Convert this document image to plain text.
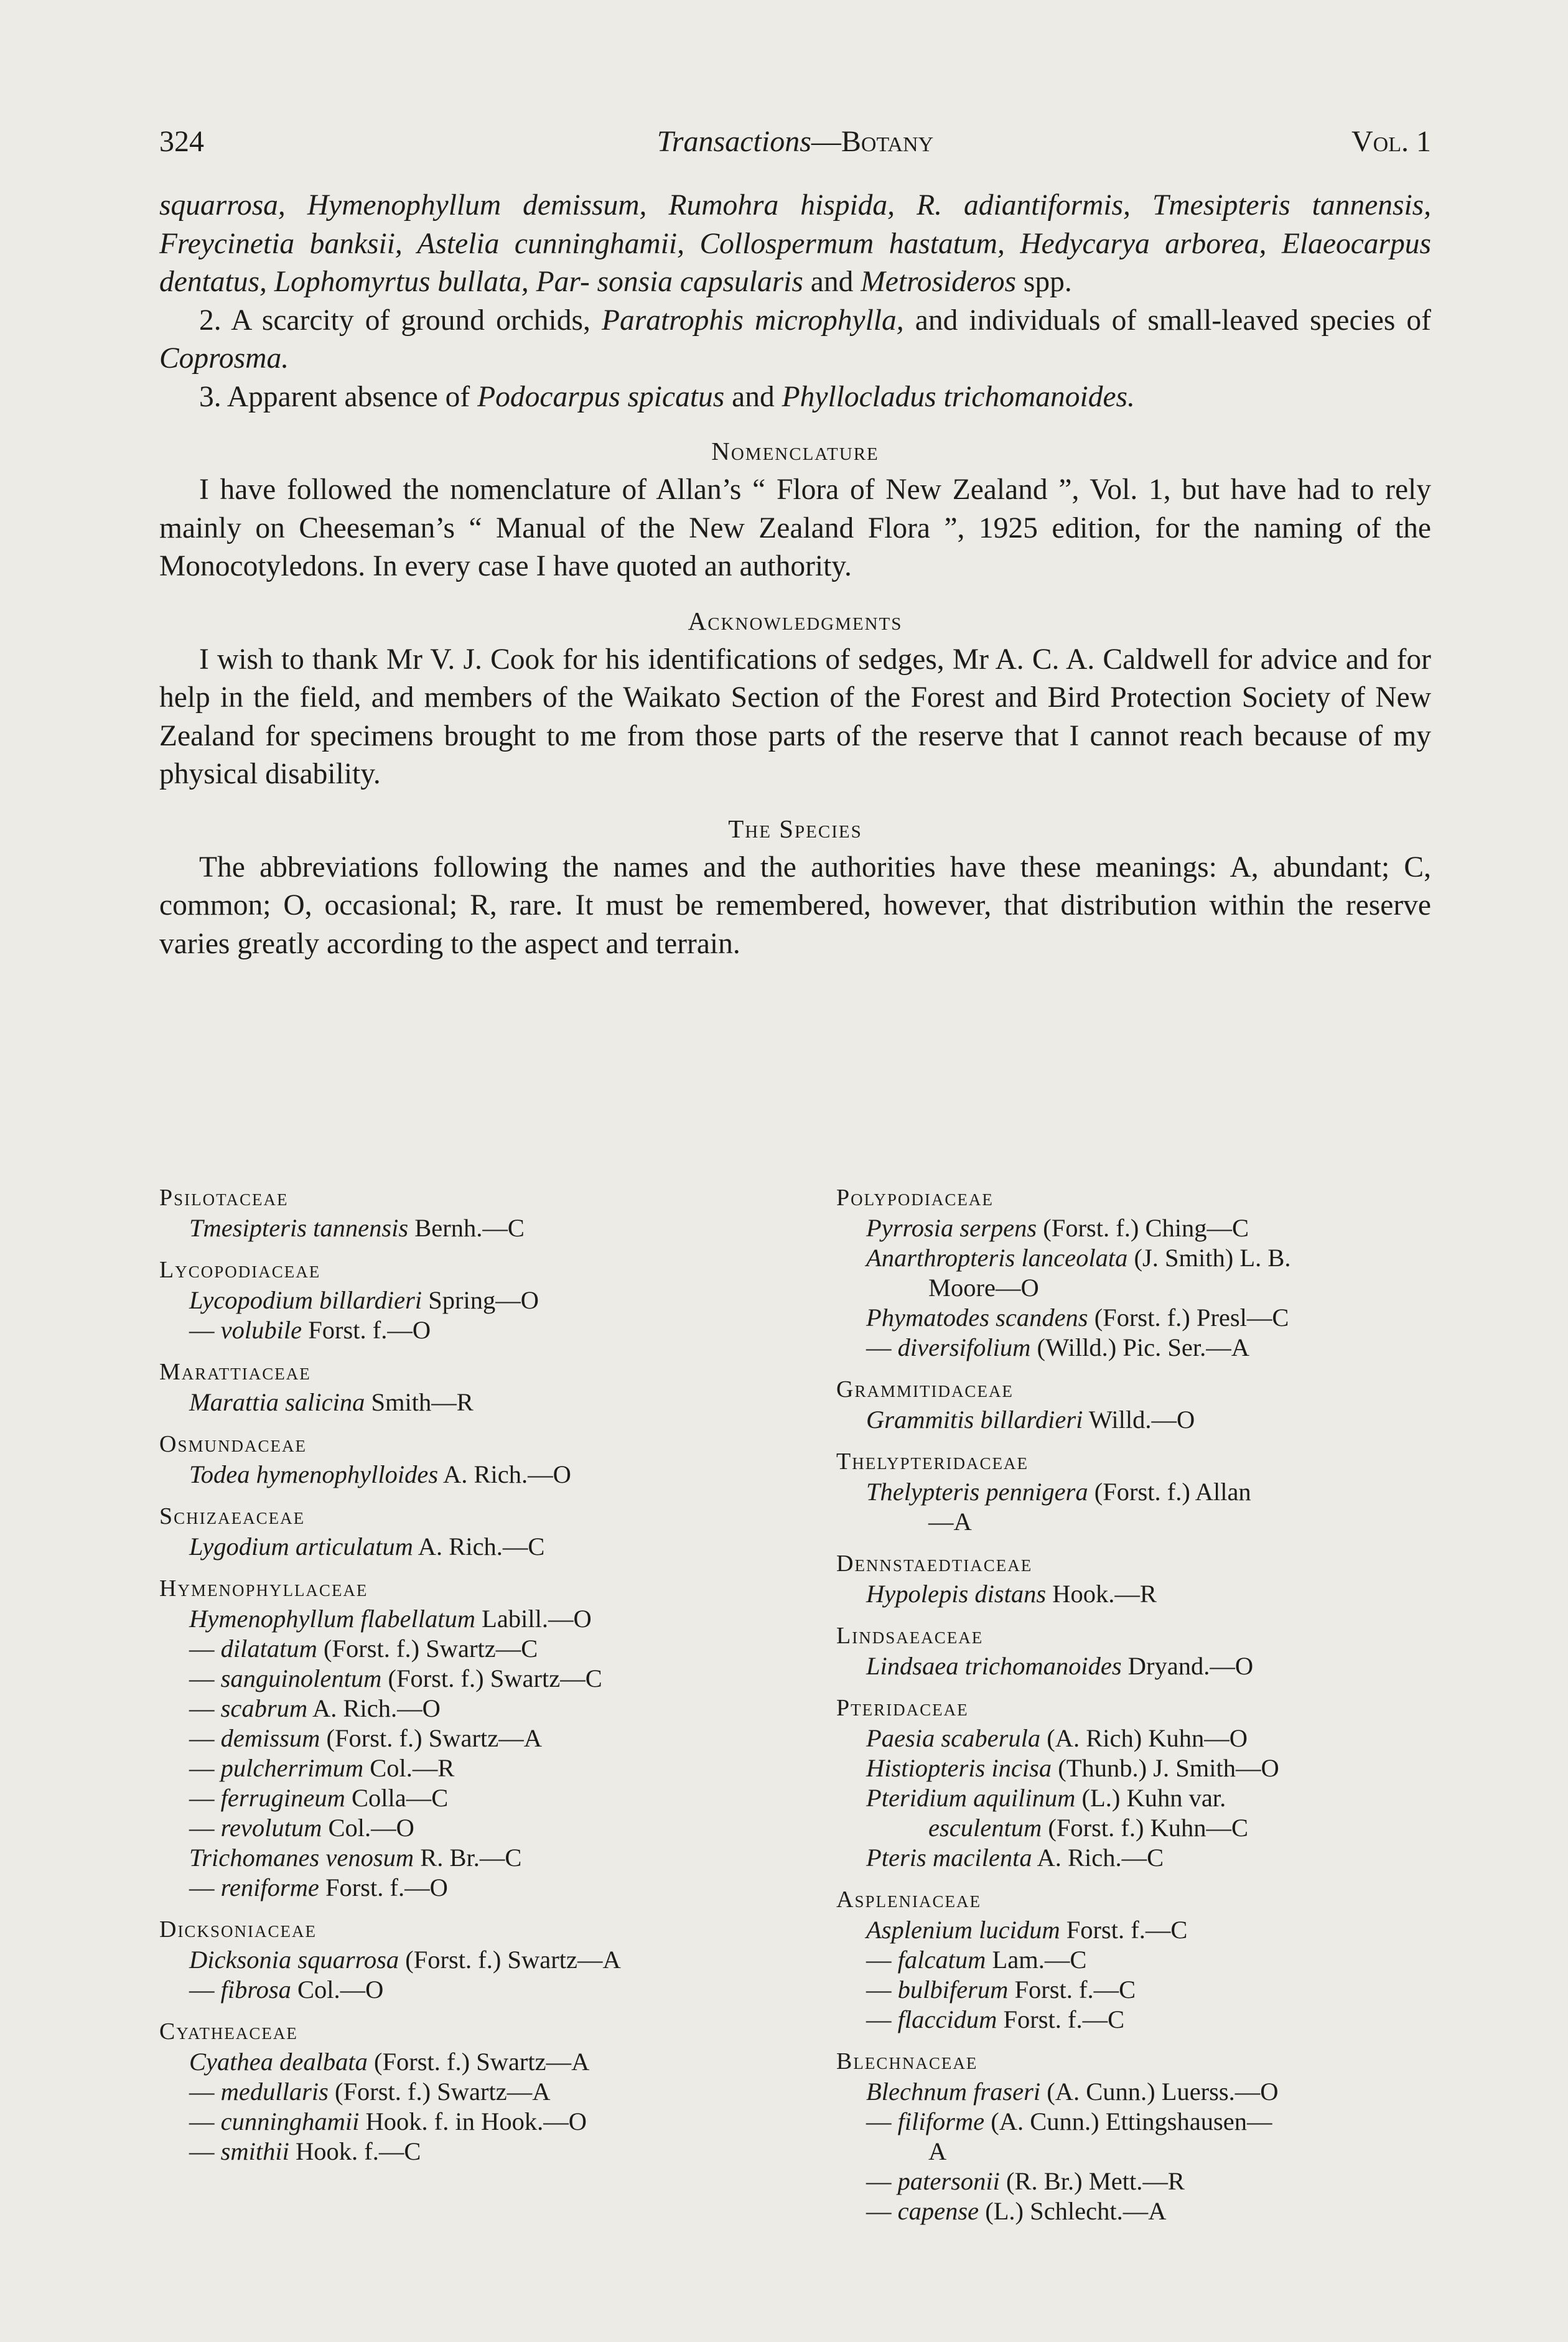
324	Transactions—Botany	Vol. 1

squarrosa, Hymenophyllum demissum, Rumohra hispida, R. adiantiformis, Tmesipteris tannensis, Freycinetia banksii, Astelia cunninghamii, Collospermum hastatum, Hedycarya arborea, Elaeocarpus dentatus, Lophomyrtus bullata, Par- sonsia capsularis and Metrosideros spp.

2. A scarcity of ground orchids, Paratrophis microphylla, and individuals of small-leaved species of Coprosma.

3. Apparent absence of Podocarpus spicatus and Phyllocladus trichomanoides.

Nomenclature

I have followed the nomenclature of Allan’s “ Flora of New Zealand ”, Vol. 1, but have had to rely mainly on Cheeseman’s “ Manual of the New Zealand Flora ”, 1925 edition, for the naming of the Monocotyledons. In every case I have quoted an authority.

Acknowledgments

I wish to thank Mr V. J. Cook for his identifications of sedges, Mr A. C. A. Caldwell for advice and for help in the field, and members of the Waikato Section of the Forest and Bird Protection Society of New Zealand for specimens brought to me from those parts of the reserve that I cannot reach because of my physical disability.

The Species

The abbreviations following the names and the authorities have these meanings: A, abundant; C, common; O, occasional; R, rare. It must be remembered, however, that distribution within the reserve varies greatly according to the aspect and terrain.

Psilotaceae
Tmesipteris tannensis Bernh.—C
Lycopodiaceae
Lycopodium billardieri Spring—O
— volubile Forst. f.—O
Marattiaceae
Marattia salicina Smith—R
Osmundaceae
Todea hymenophylloides A. Rich.—O
Schizaeaceae
Lygodium articulatum A. Rich.—C
Hymenophyllaceae
Hymenophyllum flabellatum Labill.—O
— dilatatum (Forst. f.) Swartz—C
— sanguinolentum (Forst. f.) Swartz—C
— scabrum A. Rich.—O
— demissum (Forst. f.) Swartz—A
— pulcherrimum Col.—R
— ferrugineum Colla—C
— revolutum Col.—O
Trichomanes venosum R. Br.—C
— reniforme Forst. f.—O
Dicksoniaceae
Dicksonia squarrosa (Forst. f.) Swartz—A
— fibrosa Col.—O
Cyatheaceae
Cyathea dealbata (Forst. f.) Swartz—A
— medullaris (Forst. f.) Swartz—A
— cunninghamii Hook. f. in Hook.—O
— smithii Hook. f.—C
Polypodiaceae
Pyrrosia serpens (Forst. f.) Ching—C
Anarthropteris lanceolata (J. Smith) L. B.
Moore—O
Phymatodes scandens (Forst. f.) Presl—C
— diversifolium (Willd.) Pic. Ser.—A
Grammitidaceae
Grammitis billardieri Willd.—O
Thelypteridaceae
Thelypteris pennigera (Forst. f.) Allan
—A
Dennstaedtiaceae
Hypolepis distans Hook.—R
Lindsaeaceae
Lindsaea trichomanoides Dryand.—O
Pteridaceae
Paesia scaberula (A. Rich) Kuhn—O
Histiopteris incisa (Thunb.) J. Smith—O
Pteridium aquilinum (L.) Kuhn var.
esculentum (Forst. f.) Kuhn—C
Pteris macilenta A. Rich.—C
Aspleniaceae
Asplenium lucidum Forst. f.—C
— falcatum Lam.—C
— bulbiferum Forst. f.—C
— flaccidum Forst. f.—C
Blechnaceae
Blechnum fraseri (A. Cunn.) Luerss.—O
— filiforme (A. Cunn.) Ettingshausen—
A
— patersonii (R. Br.) Mett.—R
— capense (L.) Schlecht.—A
